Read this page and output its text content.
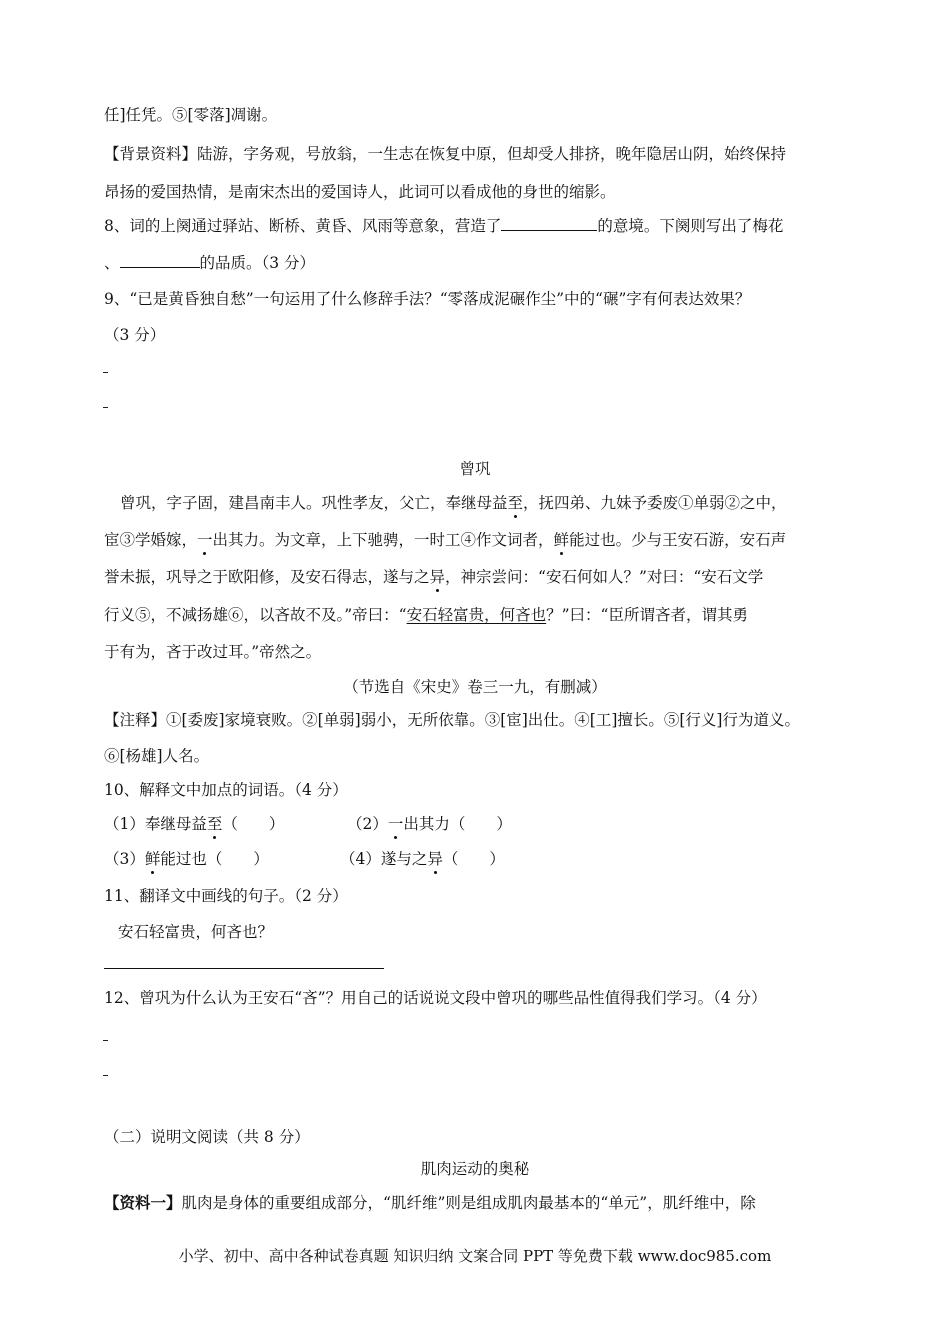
任]任凭。⑤[零落]凋谢。
【背景资料】陆游，字务观，号放翁，一生志在恢复中原，但却受人排挤，晚年隐居山阴，始终保持
昂扬的爱国热情，是南宋杰出的爱国诗人，此词可以看成他的身世的缩影。
8、词的上阕通过驿站、断桥、黄昏、风雨等意象，营造了	的意境。下阕则写出了梅花
、	的品质。（3 分）
9、“已是黄昏独自愁”一句运用了什么修辞手法？“零落成泥碾作尘”中的“碾”字有何表达效果？
（3 分）
曾巩
曾巩，字子固，建昌南丰人。巩性孝友，父亡，奉继母益至，抚四弟、九妹予委废①单弱②之中，
宦③学婚嫁，一出其力。为文章，上下驰骋，一时工④作文词者，鲜能过也。少与王安石游，安石声
誉未振，巩导之于欧阳修，及安石得志，遂与之异，神宗尝问：“安石何如人？”对曰：“安石文学
行义⑤，不减扬雄⑥，以吝故不及。”帝曰：“安石轻富贵，何吝也？”曰：“臣所谓吝者，谓其勇
于有为，吝于改过耳。”帝然之。
（节选自《宋史》卷三一九，有删减）
【注释】①[委废]家境衰败。②[单弱]弱小，无所依靠。③[宦]出仕。④[工]擅长。⑤[行义]行为道义。
⑥[杨雄]人名。
10、解释文中加点的词语。（4 分）
（1）奉继母益至（　　）	（2）一出其力（　　）
（3）鲜能过也（　　）	（4）遂与之异（　　）
11、翻译文中画线的句子。（2 分）
安石轻富贵，何吝也？
12、曾巩为什么认为王安石“吝”？用自己的话说说文段中曾巩的哪些品性值得我们学习。（4 分）
（二）说明文阅读（共 8 分）
肌肉运动的奥秘
【资料一】肌肉是身体的重要组成部分，“肌纤维”则是组成肌肉最基本的“单元”，肌纤维中，除
小学、初中、高中各种试卷真题 知识归纳 文案合同 PPT 等免费下载 www.doc985.com
